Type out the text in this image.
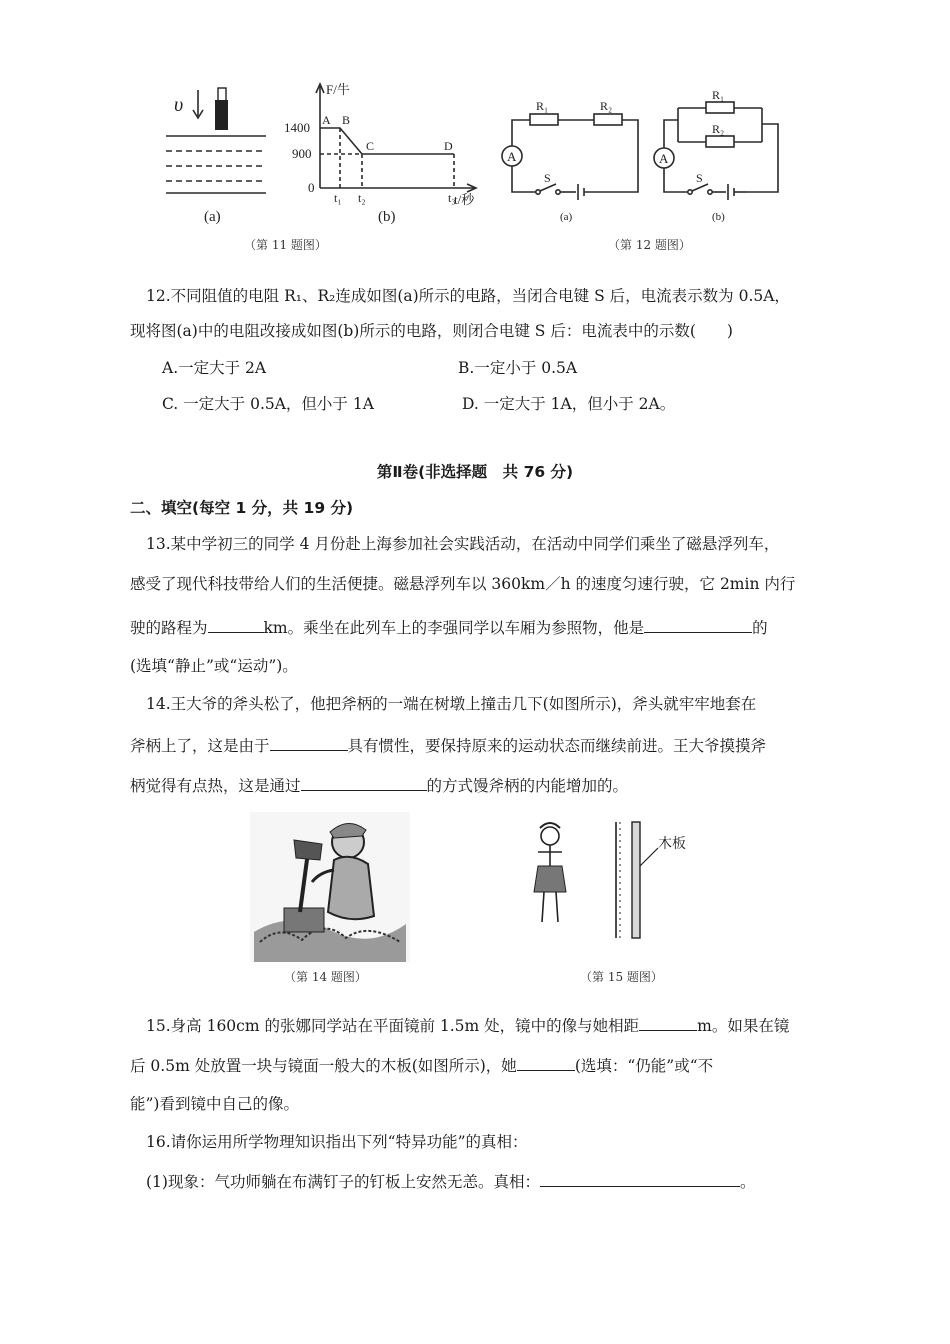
υ
(a)
F/牛
1400
900
0
A B
C	D
t₁ t₂	t₃
t/秒
(b)
（第 11 题图）
R₁	R₂
A
S
(a)
R₁
R₂
A
S
(b)
（第 12 题图）
12.不同阻值的电阻 R₁、R₂连成如图(a)所示的电路，当闭合电键 S 后，电流表示数为 0.5A，
现将图(a)中的电阻改接成如图(b)所示的电路，则闭合电键 S 后：电流表中的示数(　　)
A.一定大于 2A	B.一定小于 0.5A
C. 一定大于 0.5A，但小于 1A	D. 一定大于 1A，但小于 2A。
第Ⅱ卷(非选择题　共 76 分)
二、填空(每空 1 分，共 19 分)
13.某中学初三的同学 4 月份赴上海参加社会实践活动，在活动中同学们乘坐了磁悬浮列车，
感受了现代科技带给人们的生活便捷。磁悬浮列车以 360km／h 的速度匀速行驶，它 2min 内行
驶的路程为	km。乘坐在此列车上的李强同学以车厢为参照物，他是	的
(选填“静止”或“运动”)。
14.王大爷的斧头松了，他把斧柄的一端在树墩上撞击几下(如图所示)，斧头就牢牢地套在
斧柄上了，这是由于	具有惯性，要保持原来的运动状态而继续前进。王大爷摸摸斧
柄觉得有点热，这是通过	的方式馒斧柄的内能增加的。
（第 14 题图）
木板
（第 15 题图）
15.身高 160cm 的张娜同学站在平面镜前 1.5m 处，镜中的像与她相距	m。如果在镜
后 0.5m 处放置一块与镜面一般大的木板(如图所示)，她	(选填：“仍能”或“不
能”)看到镜中自己的像。
16.请你运用所学物理知识指出下列“特异功能”的真相：
(1)现象：气功师躺在布满钉子的钉板上安然无恙。真相：	。
